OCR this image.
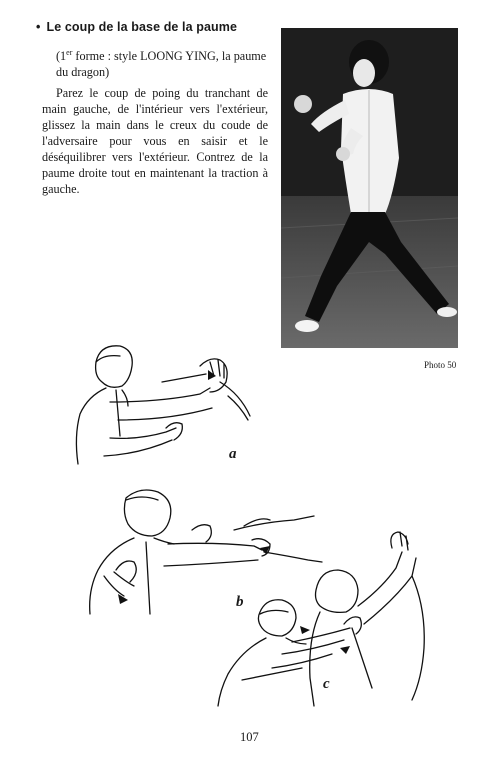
• Le coup de la base de la paume
(1er forme : style LOONG YING, la paume du dragon)
Parez le coup de poing du tranchant de main gauche, de l'intérieur vers l'extérieur, glissez la main dans le creux du coude de l'adversaire pour vous en saisir et le déséquilibrer vers l'extérieur. Contrez de la paume droite tout en maintenant la traction à gauche.
Photo 50
a
b
c
107
